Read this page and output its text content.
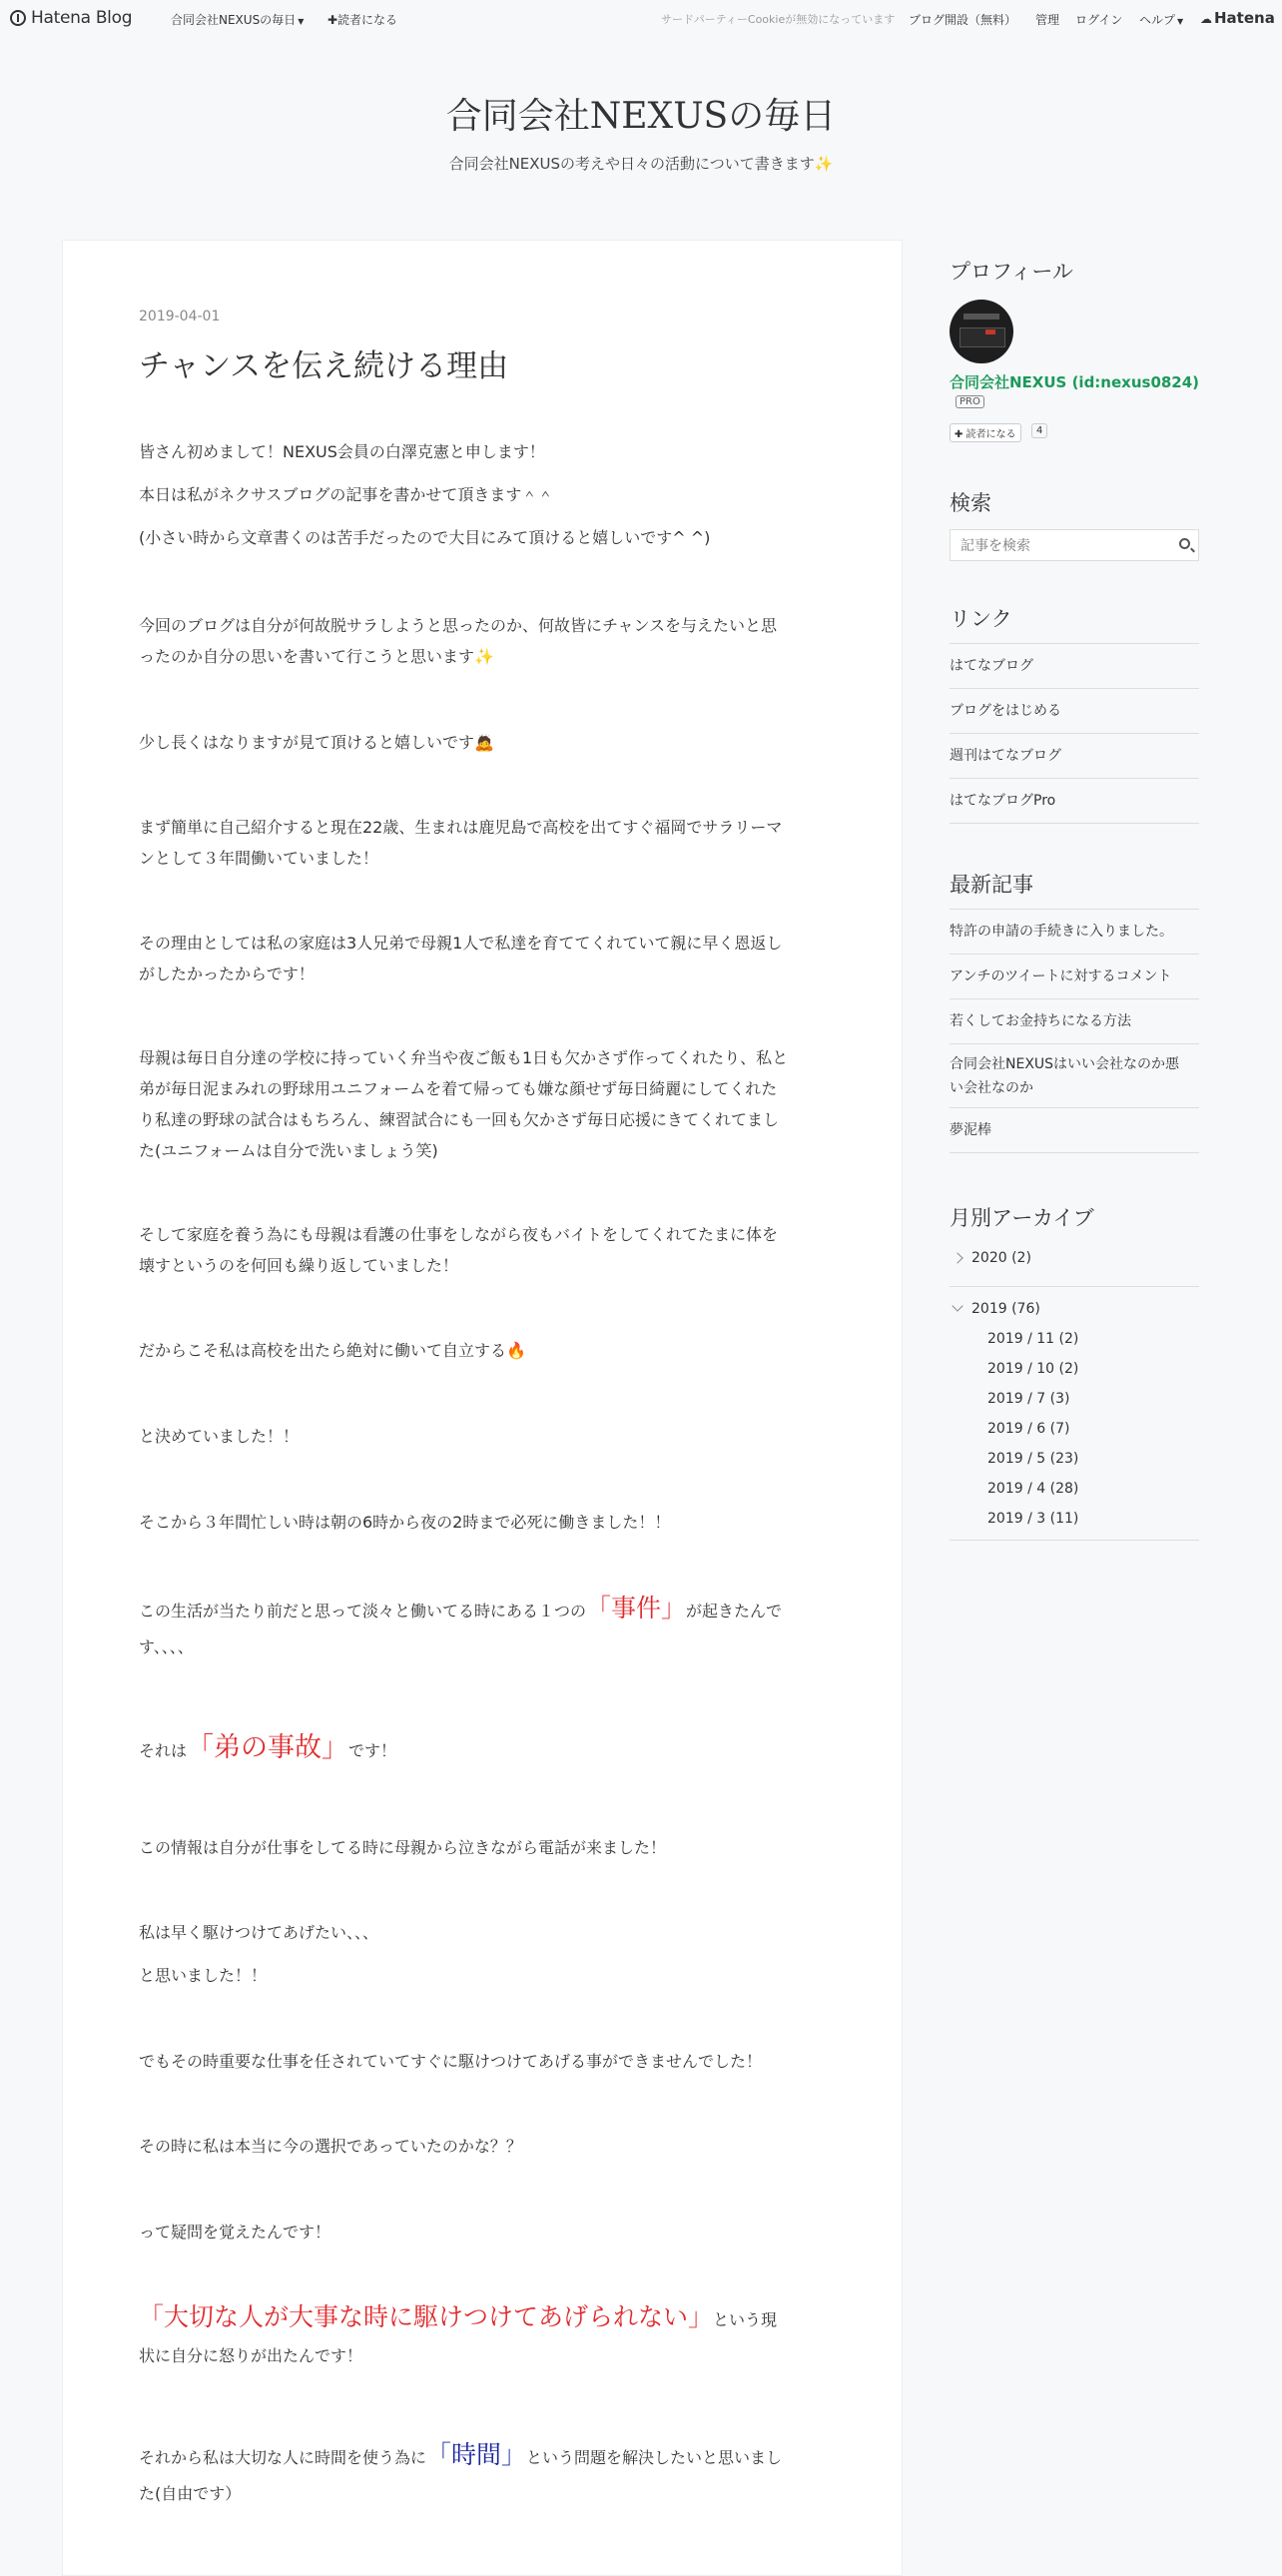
Hatena Blog	合同会社NEXUSの毎日 ▼ ✚読者になる	サードパーティーCookieが無効になっています ブログ開設（無料） 管理 ログイン ヘルプ ▼ ☁ Hatena
合同会社NEXUSの毎日
合同会社NEXUSの考えや日々の活動について書きます✨
2019-04-01
チャンスを伝え続ける理由
皆さん初めまして！NEXUS会員の白澤克憲と申します！
本日は私がネクサスブログの記事を書かせて頂きます＾＾
(小さい時から文章書くのは苦手だったので大目にみて頂けると嬉しいです^ ^)
今回のブログは自分が何故脱サラしようと思ったのか、何故皆にチャンスを与えたいと思
ったのか自分の思いを書いて行こうと思います✨
少し長くはなりますが見て頂けると嬉しいです🙇
まず簡単に自己紹介すると現在22歳、生まれは鹿児島で高校を出てすぐ福岡でサラリーマ
ンとして３年間働いていました！
その理由としては私の家庭は3人兄弟で母親1人で私達を育ててくれていて親に早く恩返し
がしたかったからです！
母親は毎日自分達の学校に持っていく弁当や夜ご飯も1日も欠かさず作ってくれたり、私と
弟が毎日泥まみれの野球用ユニフォームを着て帰っても嫌な顔せず毎日綺麗にしてくれた
り私達の野球の試合はもちろん、練習試合にも一回も欠かさず毎日応援にきてくれてまし
た(ユニフォームは自分で洗いましょう笑)
そして家庭を養う為にも母親は看護の仕事をしながら夜もバイトをしてくれてたまに体を
壊すというのを何回も繰り返していました！
だからこそ私は高校を出たら絶対に働いて自立する🔥
と決めていました！！
そこから３年間忙しい時は朝の6時から夜の2時まで必死に働きました！！
この生活が当たり前だと思って淡々と働いてる時にある１つの「事件」が起きたんで
す、、、、
それは「弟の事故」です！
この情報は自分が仕事をしてる時に母親から泣きながら電話が来ました！
私は早く駆けつけてあげたい、、、
と思いました！！
でもその時重要な仕事を任されていてすぐに駆けつけてあげる事ができませんでした！
その時に私は本当に今の選択であっていたのかな？？
って疑問を覚えたんです！
「大切な人が大事な時に駆けつけてあげられない」という現
状に自分に怒りが出たんです！
それから私は大切な人に時間を使う為に「時間」という問題を解決したいと思いまし
た(自由です）
プロフィール
合同会社NEXUS (id:nexus0824)
PRO
✚ 読者になる	4
検索
記事を検索
リンク
はてなブログ
ブログをはじめる
週刊はてなブログ
はてなブログPro
最新記事
特許の申請の手続きに入りました。
アンチのツイートに対するコメント
若くしてお金持ちになる方法
合同会社NEXUSはいい会社なのか悪
い会社なのか
夢泥棒
月別アーカイブ
2020 (2)
2019 (76)
2019 / 11 (2)
2019 / 10 (2)
2019 / 7 (3)
2019 / 6 (7)
2019 / 5 (23)
2019 / 4 (28)
2019 / 3 (11)
